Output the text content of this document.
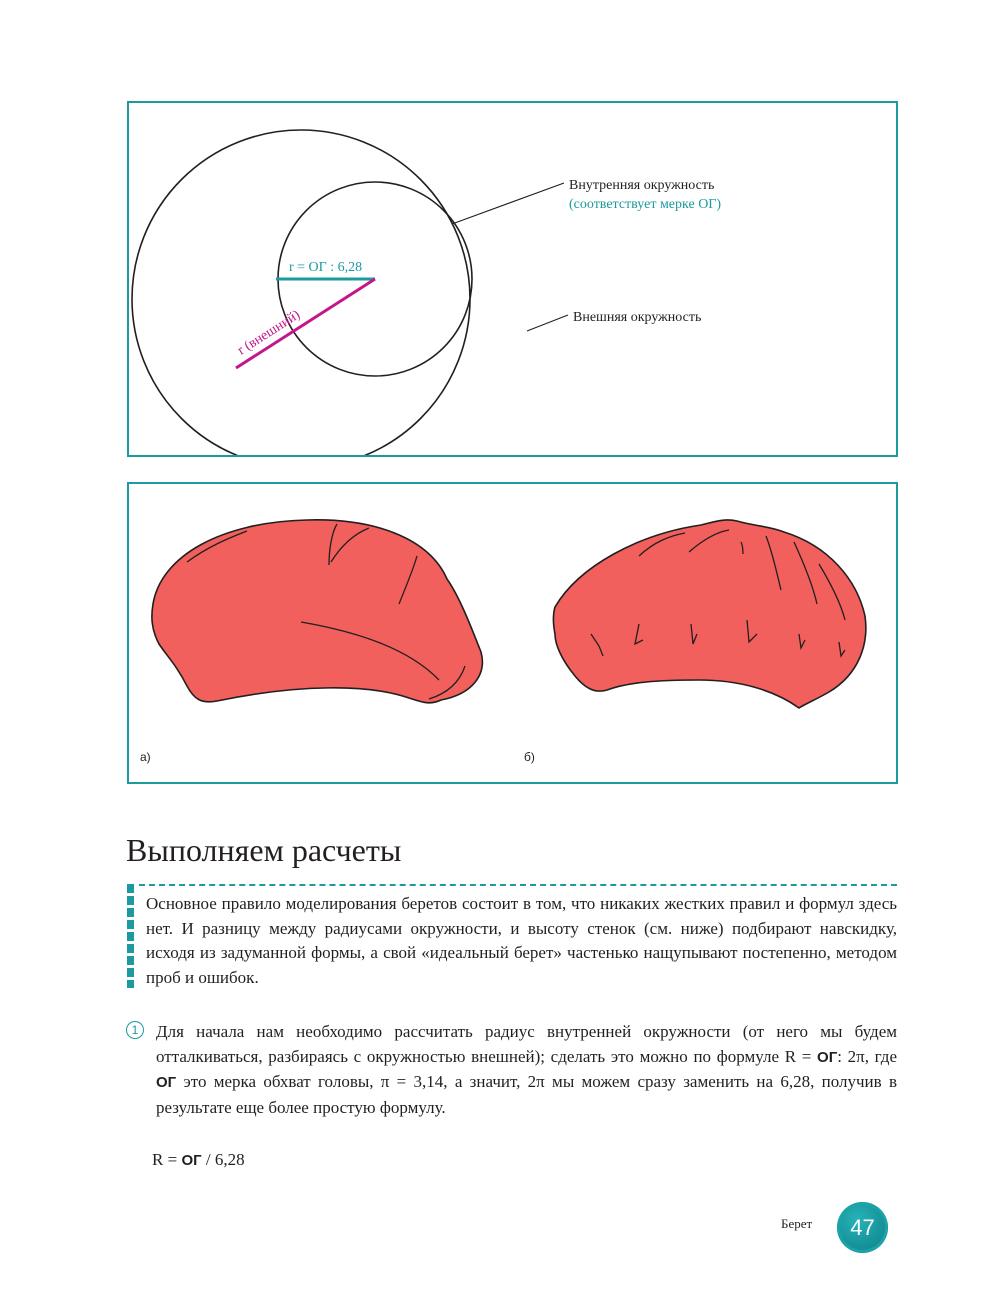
Внутренняя окружность
(соответствует мерке ОГ)
Внешняя окружность
r = ОГ : 6,28
r (внешний)
а)	б)
Выполняем расчеты

Основное правило моделирования беретов состоит в том, что никаких жестких правил и формул здесь нет. И разницу между радиусами окружности, и высоту стенок (см. ниже) подбирают навскидку, исходя из задуманной формы, а свой «идеальный берет» частенько нащупывают постепенно, методом проб и ошибок.

1	Для начала нам необходимо рассчитать радиус внутренней окружности (от него мы будем отталкиваться, разбираясь с окружностью внешней); сделать это можно по формуле R = ОГ: 2π, где ОГ это мерка обхват головы, π = 3,14, а значит, 2π мы можем сразу заменить на 6,28, получив в результате еще более простую формулу.

R = ОГ / 6,28

Берет	47
